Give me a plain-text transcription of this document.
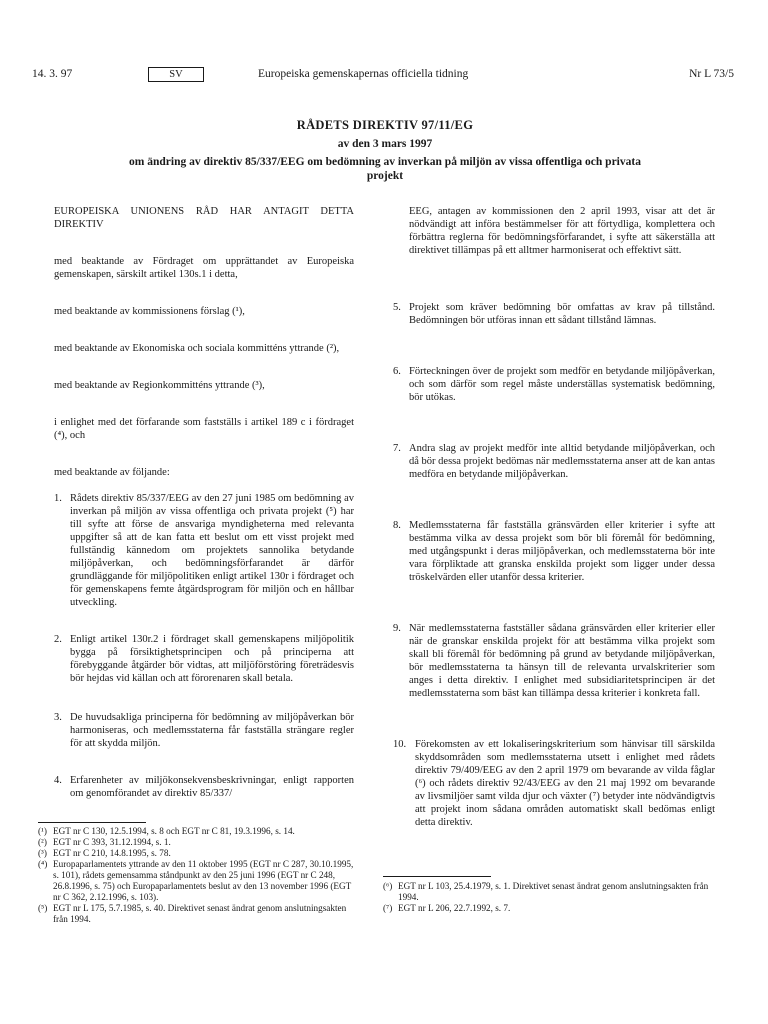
14. 3. 97	SV	Europeiska gemenskapernas officiella tidning	Nr L 73/5
RÅDETS DIREKTIV 97/11/EG
av den 3 mars 1997
om ändring av direktiv 85/337/EEG om bedömning av inverkan på miljön av vissa offentliga och privata projekt

EUROPEISKA UNIONENS RÅD HAR ANTAGIT DETTA DIREKTIV

med beaktande av Fördraget om upprättandet av Europeiska gemenskapen, särskilt artikel 130s.1 i detta,

med beaktande av kommissionens förslag (¹),

med beaktande av Ekonomiska och sociala kommitténs yttrande (²),

med beaktande av Regionkommitténs yttrande (³),

i enlighet med det förfarande som fastställs i artikel 189 c i fördraget (⁴), och

med beaktande av följande:

1. Rådets direktiv 85/337/EEG av den 27 juni 1985 om bedömning av inverkan på miljön av vissa offentliga och privata projekt (⁵) har till syfte att förse de ansvariga myndigheterna med relevanta uppgifter så att de kan fatta ett beslut om ett visst projekt med fullständig kännedom om projektets sannolika betydande miljöpåverkan, och bedömningsförfarandet är därför grundläggande för miljöpolitiken enligt artikel 130r i fördraget och för gemenskapens femte åtgärdsprogram för miljön och en hållbar utveckling.
2. Enligt artikel 130r.2 i fördraget skall gemenskapens miljöpolitik bygga på försiktighetsprincipen och på principerna att förebyggande åtgärder bör vidtas, att miljöförstöring företrädesvis bör hejdas vid källan och att förorenaren skall betala.
3. De huvudsakliga principerna för bedömning av miljöpåverkan bör harmoniseras, och medlemsstaterna får fastställa strängare regler för att skydda miljön.
4. Erfarenheter av miljökonsekvensbeskrivningar, enligt rapporten om genomförandet av direktiv 85/337/
(¹) EGT nr C 130, 12.5.1994, s. 8 och EGT nr C 81, 19.3.1996, s. 14.
(²) EGT nr C 393, 31.12.1994, s. 1.
(³) EGT nr C 210, 14.8.1995, s. 78.
(⁴) Europaparlamentets yttrande av den 11 oktober 1995 (EGT nr C 287, 30.10.1995, s. 101), rådets gemensamma ståndpunkt av den 25 juni 1996 (EGT nr C 248, 26.8.1996, s. 75) och Europaparlamentets beslut av den 13 november 1996 (EGT nr C 362, 2.12.1996, s. 103).
(⁵) EGT nr L 175, 5.7.1985, s. 40. Direktivet senast ändrat genom anslutningsakten från 1994.

EEG, antagen av kommissionen den 2 april 1993, visar att det är nödvändigt att införa bestämmelser för att förtydliga, komplettera och förbättra reglerna för bedömningsförfarandet, i syfte att säkerställa att direktivet tillämpas på ett alltmer harmoniserat och effektivt sätt.

5. Projekt som kräver bedömning bör omfattas av krav på tillstånd. Bedömningen bör utföras innan ett sådant tillstånd lämnas.
6. Förteckningen över de projekt som medför en betydande miljöpåverkan, och som därför som regel måste underställas systematisk bedömning, bör utökas.
7. Andra slag av projekt medför inte alltid betydande miljöpåverkan, och då bör dessa projekt bedömas när medlemsstaterna anser att de kan antas medföra en betydande miljöpåverkan.
8. Medlemsstaterna får fastställa gränsvärden eller kriterier i syfte att bestämma vilka av dessa projekt som bör bli föremål för bedömning, med utgångspunkt i deras miljöpåverkan, och medlemsstaterna bör inte vara förpliktade att granska enskilda projekt som ligger under dessa tröskelvärden eller utanför dessa kriterier.
9. När medlemsstaterna fastställer sådana gränsvärden eller kriterier eller när de granskar enskilda projekt för att bestämma vilka projekt som skall bli föremål för bedömning på grund av betydande miljöpåverkan, bör medlemsstaterna ta hänsyn till de relevanta urvalskriterier som anges i detta direktiv. I enlighet med subsidiaritetsprincipen är det medlemsstaterna som bäst kan tillämpa dessa kriterier i konkreta fall.
10. Förekomsten av ett lokaliseringskriterium som hänvisar till särskilda skyddsområden som medlemsstaterna utsett i enlighet med rådets direktiv 79/409/EEG av den 2 april 1979 om bevarande av vilda fåglar (⁶) och rådets direktiv 92/43/EEG av den 21 maj 1992 om bevarande av livsmiljöer samt vilda djur och växter (⁷) betyder inte nödvändigtvis att projekt inom sådana områden automatiskt skall bedömas enligt detta direktiv.
(⁶) EGT nr L 103, 25.4.1979, s. 1. Direktivet senast ändrat genom anslutningsakten från 1994.
(⁷) EGT nr L 206, 22.7.1992, s. 7.
